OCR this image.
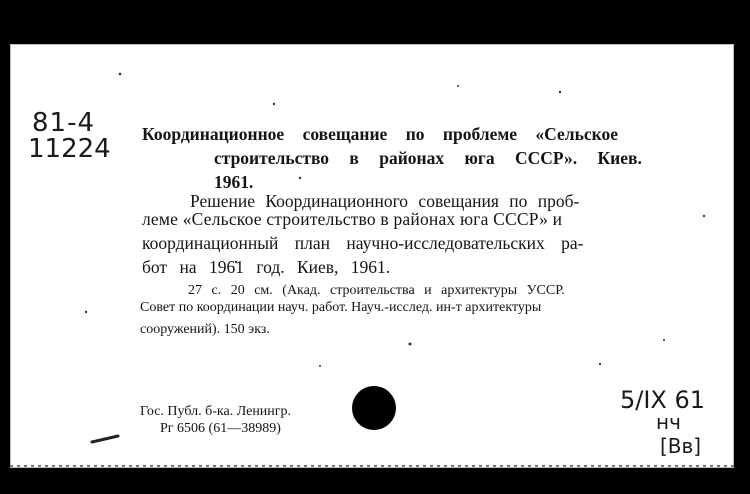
81-4
11224 Координационное совещание по проблеме «Сельское
строительство в районах юга СССР». Киев.
1961.
Решение Координационного совещания по проб-
леме «Сельское строительство в районах юга СССР» и
координационный план научно-исследовательских ра-
бот на 1961 год. Киев, 1961.
27 с. 20 см. (Акад. строительства и архитектуры УССР.
Совет по координации науч. работ. Науч.-исслед. ин-т архитектуры
сооружений). 150 экз.
Гос. Публ. б-ка. Ленингр.
Рг 6506 (61—38989)
5/IX 61
нч
[Вв]
